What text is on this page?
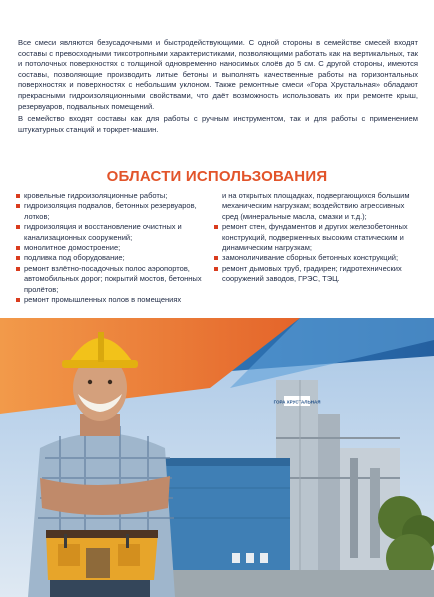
Все смеси являются безусадочными и быстродействующими. С одной стороны в семействе смесей входят составы с превосходными тиксотропными характеристиками, позволяющими работать как на вертикальных, так и потолочных поверхностях с толщиной одновременно наносимых слоёв до 5 см. С другой стороны, имеются составы, позволяющие производить литые бетоны и выполнять качественные работы на горизонтальных поверхностях и поверхностях с небольшим уклоном. Также ремонтные смеси «Гора Хрустальная» обладают прекрасными гидроизоляционными свойствами, что даёт возможность использовать их при ремонте крыш, резервуаров, подвальных помещений.

В семейство входят составы как для работы с ручным инструментом, так и для работы с применением штукатурных станций и торкрет-машин.

ОБЛАСТИ ИСПОЛЬЗОВАНИЯ
кровельные гидроизоляционные работы;
гидроизоляция подвалов, бетонных резервуаров, лотков;
гидроизоляция и восстановление очистных и канализационных сооружений;
монолитное домостроение;
подливка под оборудование;
ремонт взлётно-посадочных полос аэропортов, автомобильных дорог; покрытий мостов, бетонных пролётов;
ремонт промышленных полов в помещениях
и на открытых площадках, подвергающихся большим механическим нагрузкам; воздействию агрессивных сред (минеральные масла, смазки и т.д.);
ремонт стен, фундаментов и других железобетонных конструкций, подверженных высоким статическим и динамическим нагрузкам;
замоноличивание сборных бетонных конструкций;
ремонт дымовых труб, градирен; гидротехнических сооружений заводов, ГРЭС, ТЭЦ.
ГОРА ХРУСТАЛЬНАЯ
